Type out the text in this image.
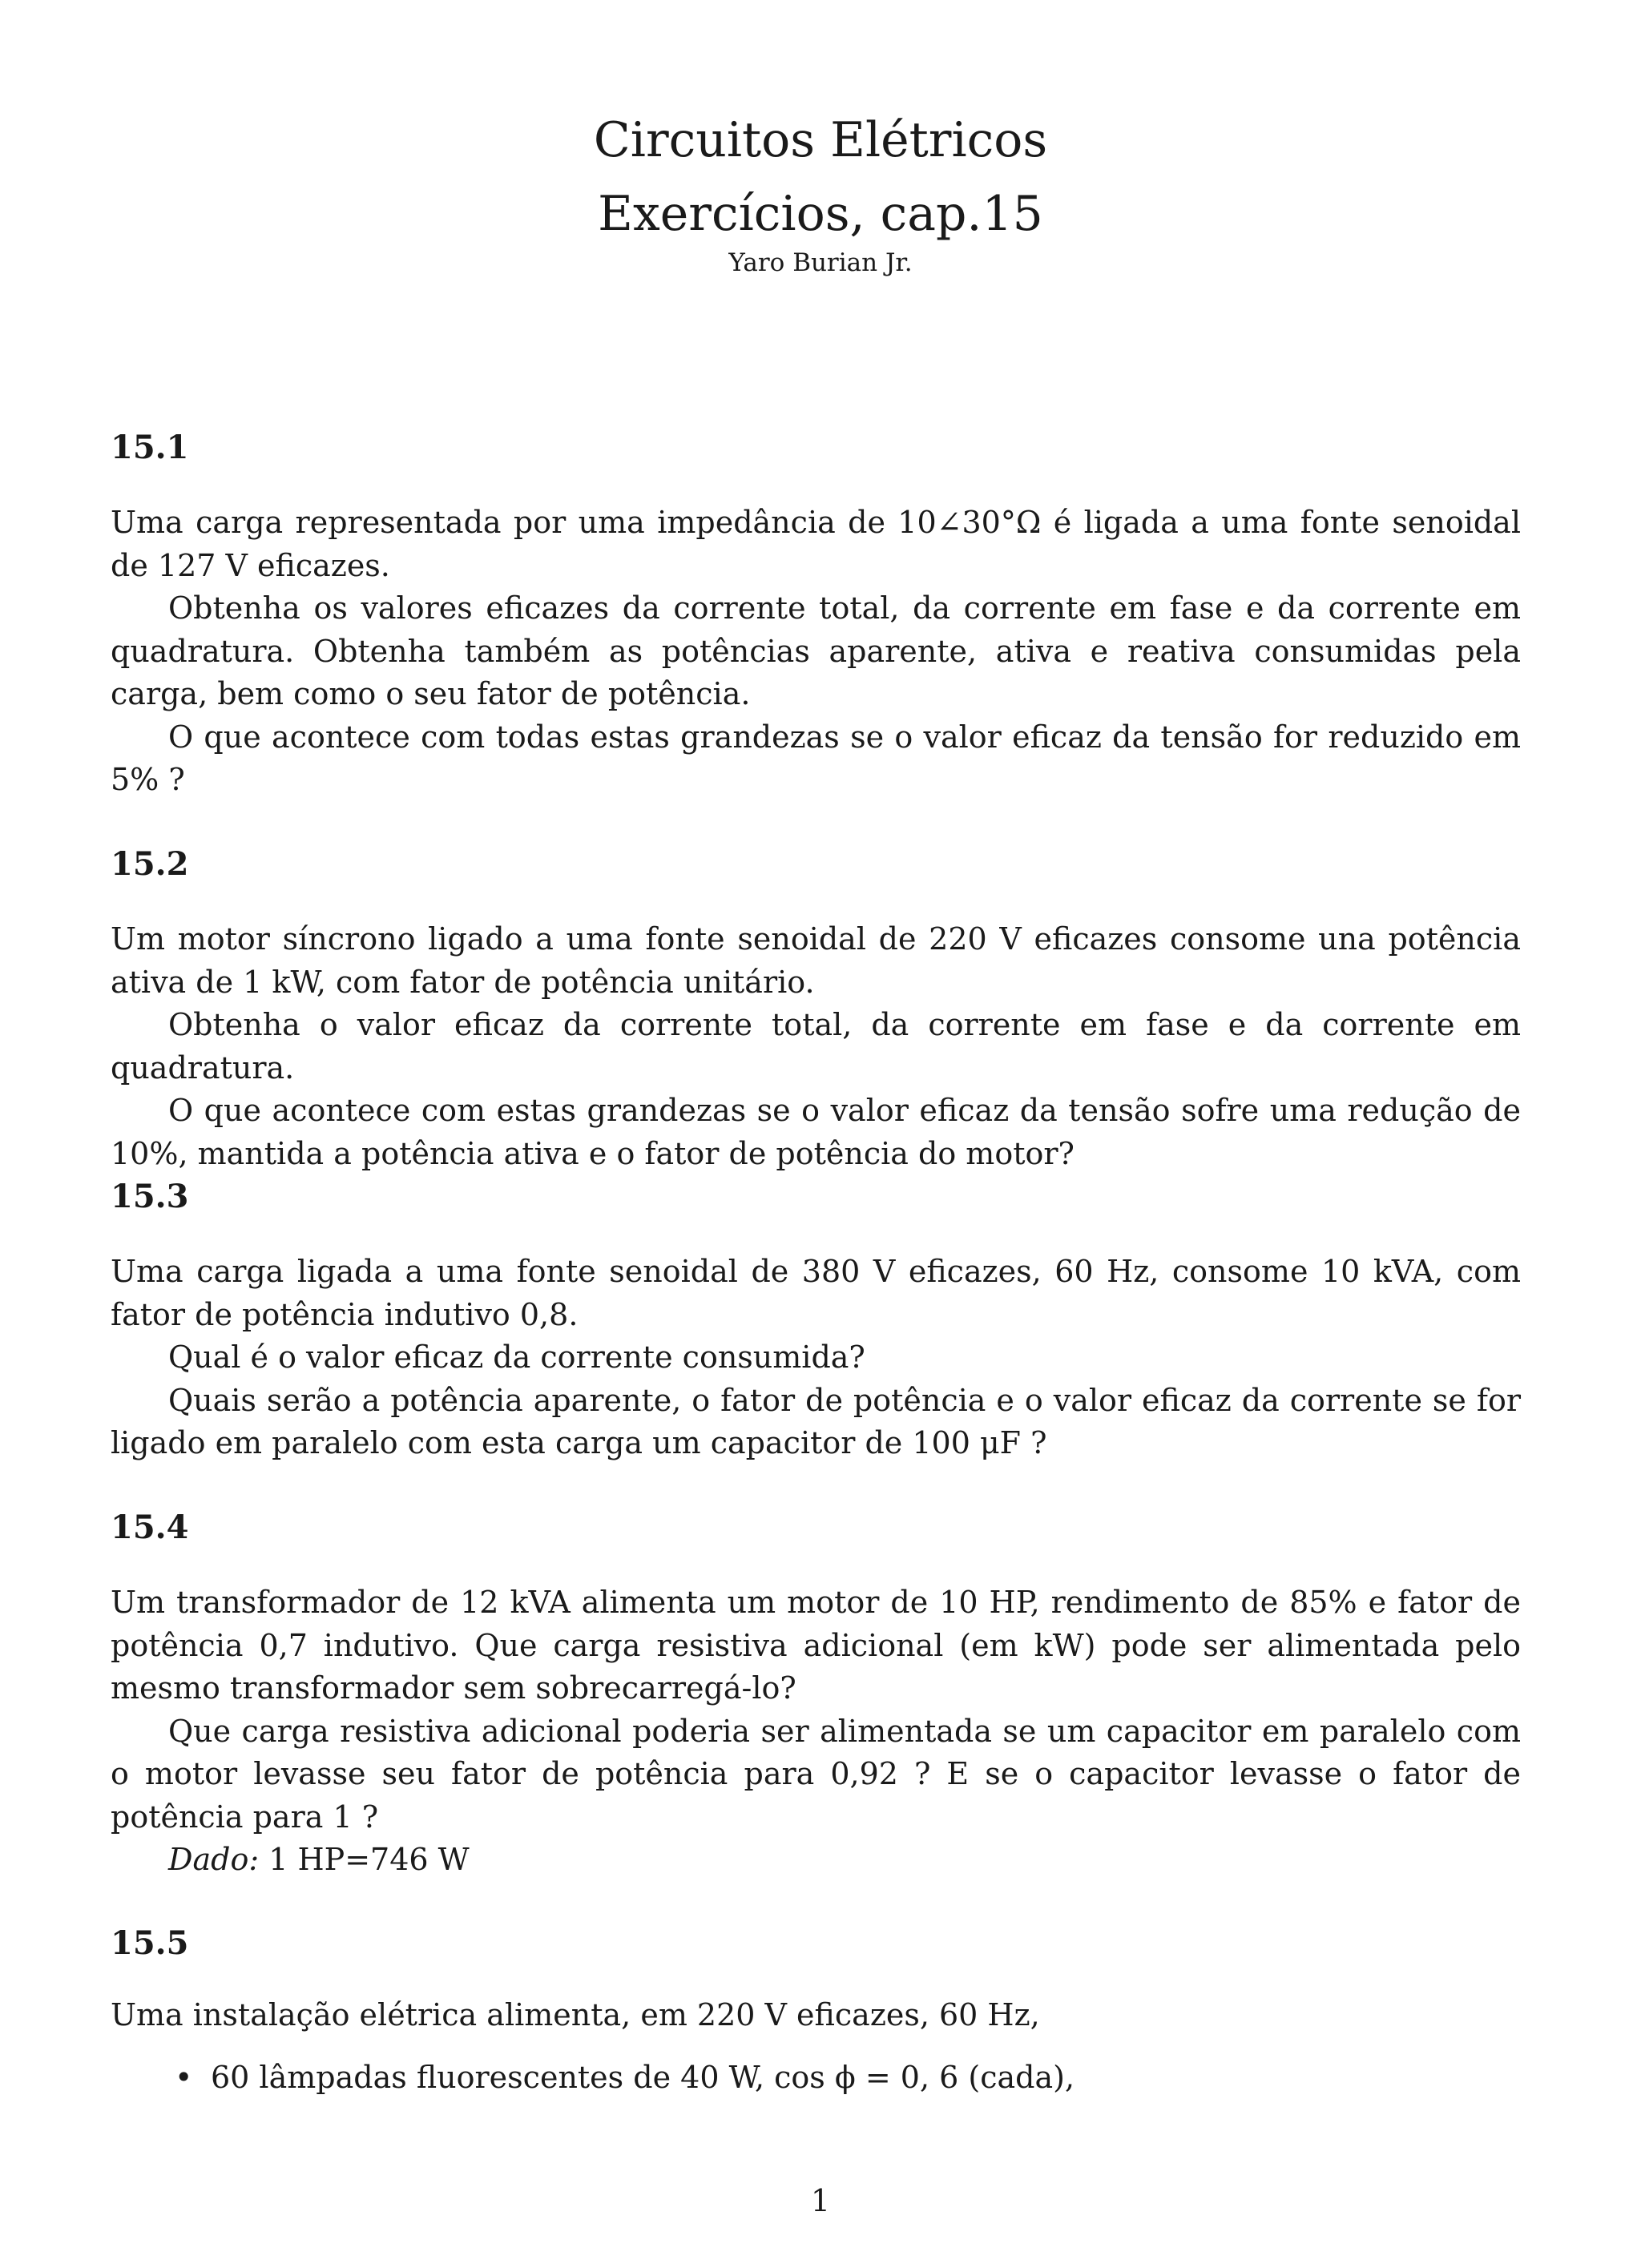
Circuitos Elétricos
Exercícios, cap.15
Yaro Burian Jr.
15.1

Uma carga representada por uma impedância de 10∠30°Ω é ligada a uma fonte senoidal de 127 V eficazes.

Obtenha os valores eficazes da corrente total, da corrente em fase e da corrente em quadratura. Obtenha também as potências aparente, ativa e reativa consumidas pela carga, bem como o seu fator de potência.

O que acontece com todas estas grandezas se o valor eficaz da tensão for reduzido em 5% ?

15.2

Um motor síncrono ligado a uma fonte senoidal de 220 V eficazes consome una potência ativa de 1 kW, com fator de potência unitário.

Obtenha o valor eficaz da corrente total, da corrente em fase e da corrente em quadratura.

O que acontece com estas grandezas se o valor eficaz da tensão sofre uma redução de 10%, mantida a potência ativa e o fator de potência do motor?

15.3

Uma carga ligada a uma fonte senoidal de 380 V eficazes, 60 Hz, consome 10 kVA, com fator de potência indutivo 0,8.

Qual é o valor eficaz da corrente consumida?

Quais serão a potência aparente, o fator de potência e o valor eficaz da corrente se for ligado em paralelo com esta carga um capacitor de 100 μF ?

15.4

Um transformador de 12 kVA alimenta um motor de 10 HP, rendimento de 85% e fator de potência 0,7 indutivo. Que carga resistiva adicional (em kW) pode ser alimentada pelo mesmo transformador sem sobrecarregá-lo?

Que carga resistiva adicional poderia ser alimentada se um capacitor em paralelo com o motor levasse seu fator de potência para 0,92 ? E se o capacitor levasse o fator de potência para 1 ?

Dado: 1 HP=746 W

15.5

Uma instalação elétrica alimenta, em 220 V eficazes, 60 Hz,

• 60 lâmpadas fluorescentes de 40 W, cos ϕ = 0, 6 (cada),
1
